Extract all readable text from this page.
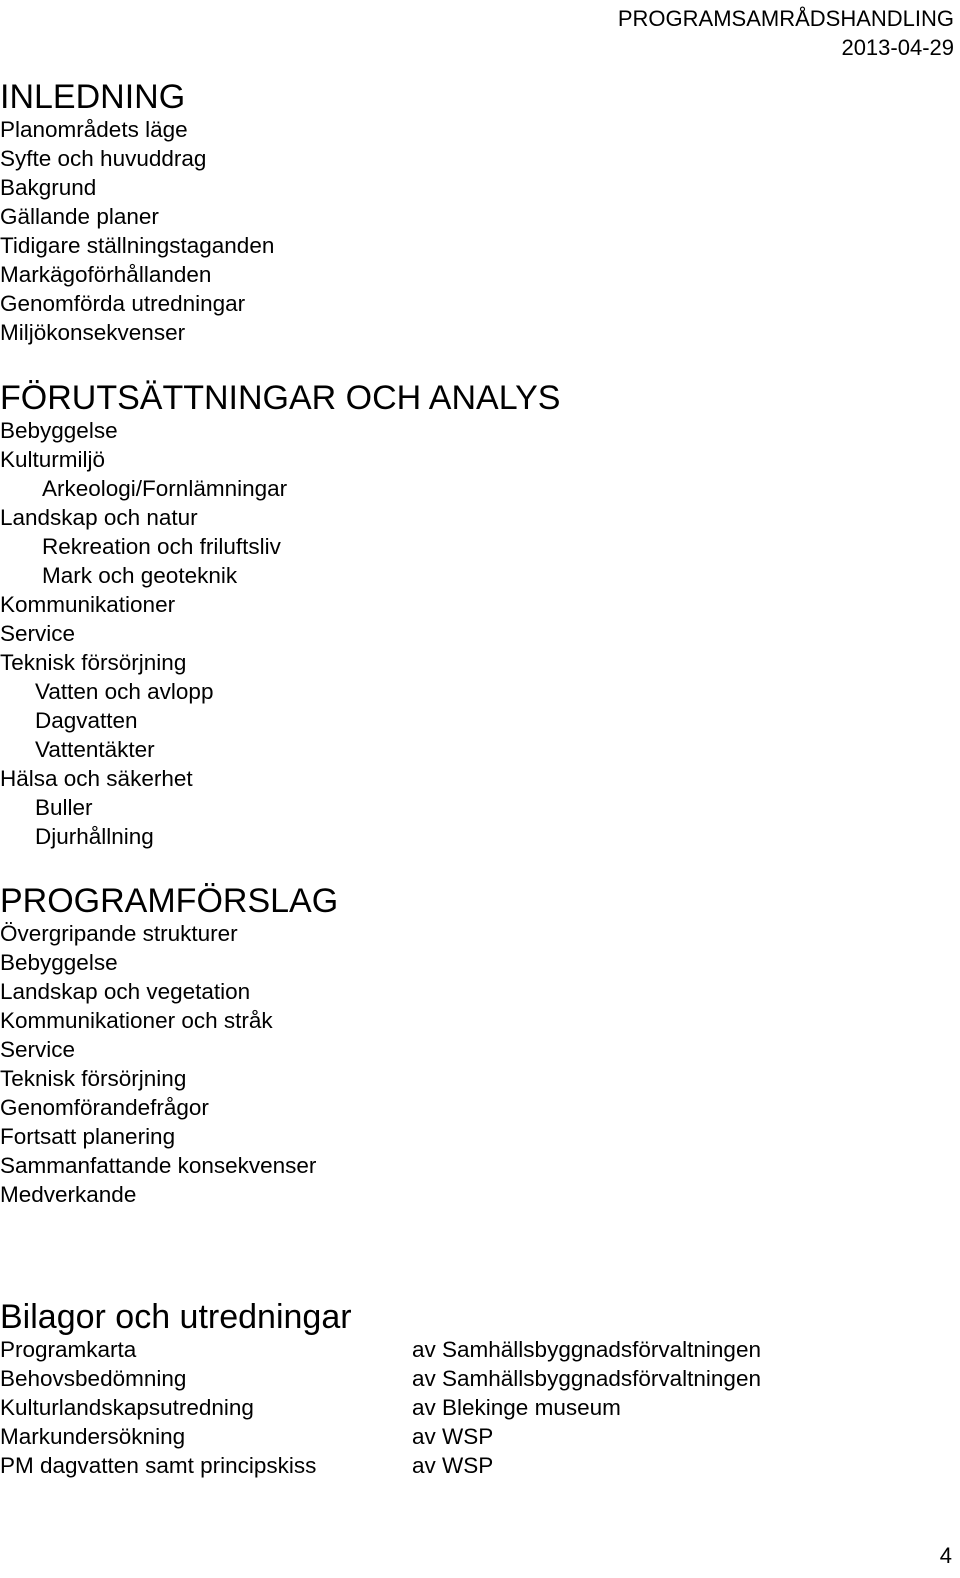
PROGRAMSAMRÅDSHANDLING
2013-04-29
INLEDNING
Planområdets läge
Syfte och huvuddrag
Bakgrund
Gällande planer
Tidigare ställningstaganden
Markägoförhållanden
Genomförda utredningar
Miljökonsekvenser
FÖRUTSÄTTNINGAR OCH ANALYS
Bebyggelse
Kulturmiljö
Arkeologi/Fornlämningar
Landskap och natur
Rekreation och friluftsliv
Mark och geoteknik
Kommunikationer
Service
Teknisk försörjning
Vatten och avlopp
Dagvatten
Vattentäkter
Hälsa och säkerhet
Buller
Djurhållning
PROGRAMFÖRSLAG
Övergripande strukturer
Bebyggelse
Landskap och vegetation
Kommunikationer och stråk
Service
Teknisk försörjning
Genomförandefrågor
Fortsatt planering
Sammanfattande konsekvenser
Medverkande
Bilagor och utredningar
Programkarta	av Samhällsbyggnadsförvaltningen
Behovsbedömning	av Samhällsbyggnadsförvaltningen
Kulturlandskapsutredning	av Blekinge museum
Markundersökning	av WSP
PM dagvatten samt principskiss	av WSP
4
